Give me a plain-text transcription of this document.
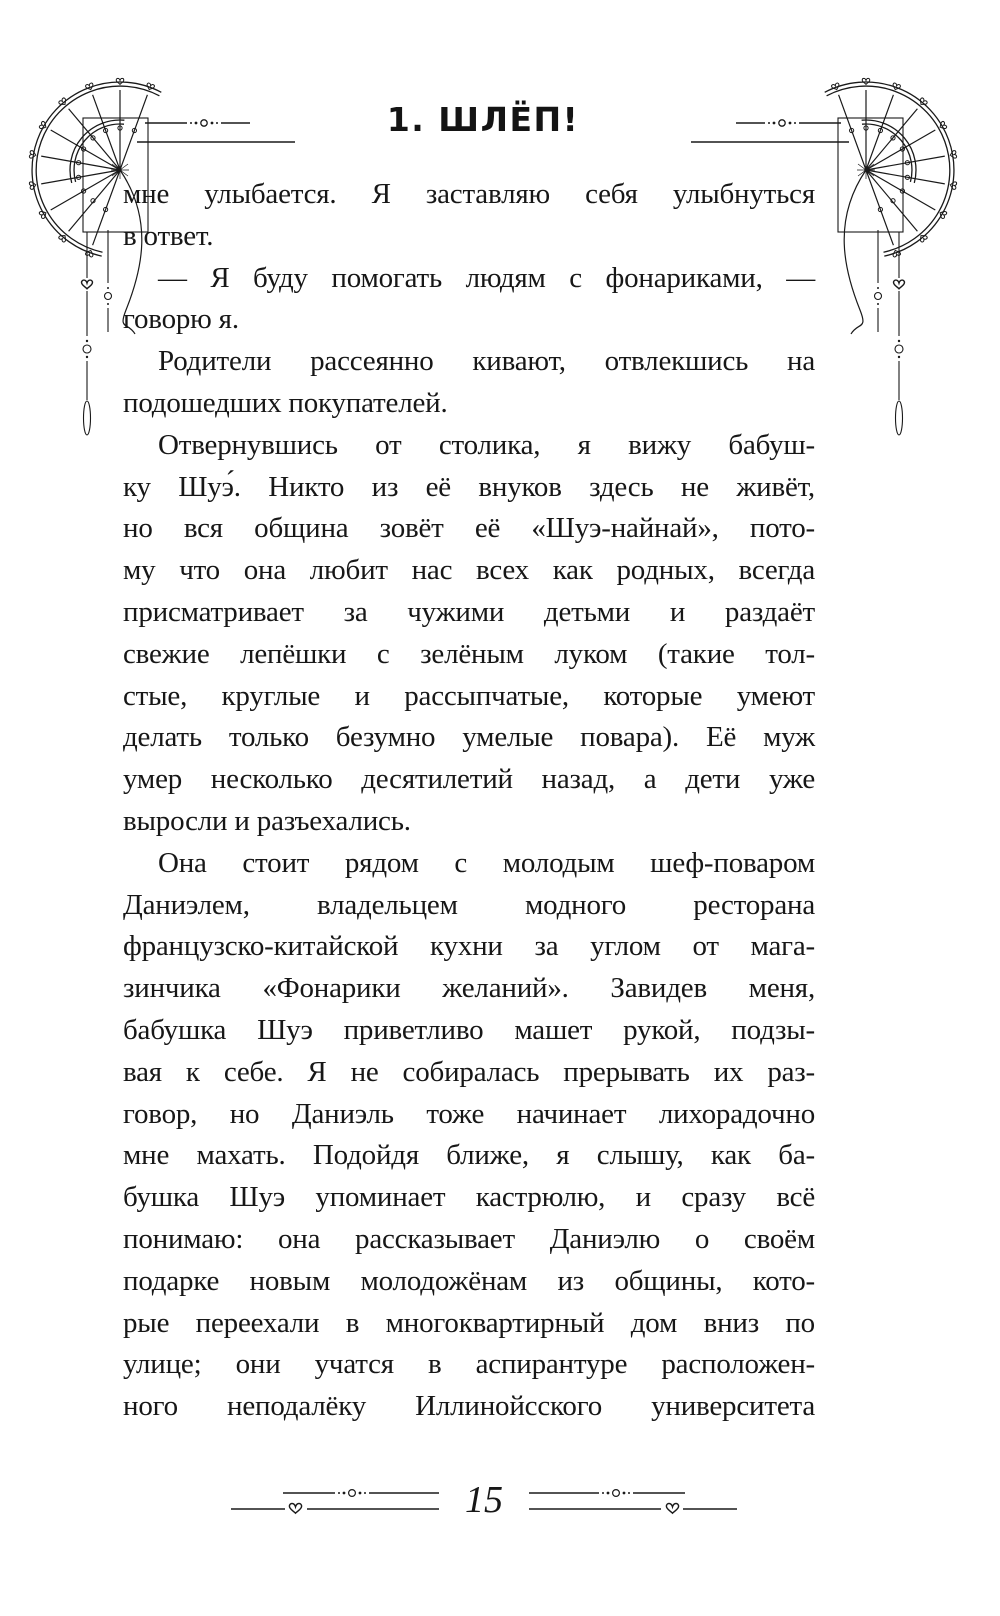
1. ШЛЁП!
мне улыбается. Я заставляю себя улыбнуться
в ответ.
— Я буду помогать людям с фонариками, —
говорю я.
Родители рассеянно кивают, отвлекшись на
подошедших покупателей.
Отвернувшись от столика, я вижу бабуш-
ку Шуэ́. Никто из её внуков здесь не живёт,
но вся община зовёт её «Шуэ-найнай», пото-
му что она любит нас всех как родных, всегда
присматривает за чужими детьми и раздаёт
свежие лепёшки с зелёным луком (такие тол-
стые, круглые и рассыпчатые, которые умеют
делать только безумно умелые повара). Её муж
умер несколько десятилетий назад, а дети уже
выросли и разъехались.
Она стоит рядом с молодым шеф-поваром
Даниэлем, владельцем модного ресторана
французско-китайской кухни за углом от мага-
зинчика «Фонарики желаний». Завидев меня,
бабушка Шуэ приветливо машет рукой, подзы-
вая к себе. Я не собиралась прерывать их раз-
говор, но Даниэль тоже начинает лихорадочно
мне махать. Подойдя ближе, я слышу, как ба-
бушка Шуэ упоминает кастрюлю, и сразу всё
понимаю: она рассказывает Даниэлю о своём
подарке новым молодожёнам из общины, кото-
рые переехали в многоквартирный дом вниз по
улице; они учатся в аспирантуре расположен-
ного неподалёку Иллинойсского университета
15
